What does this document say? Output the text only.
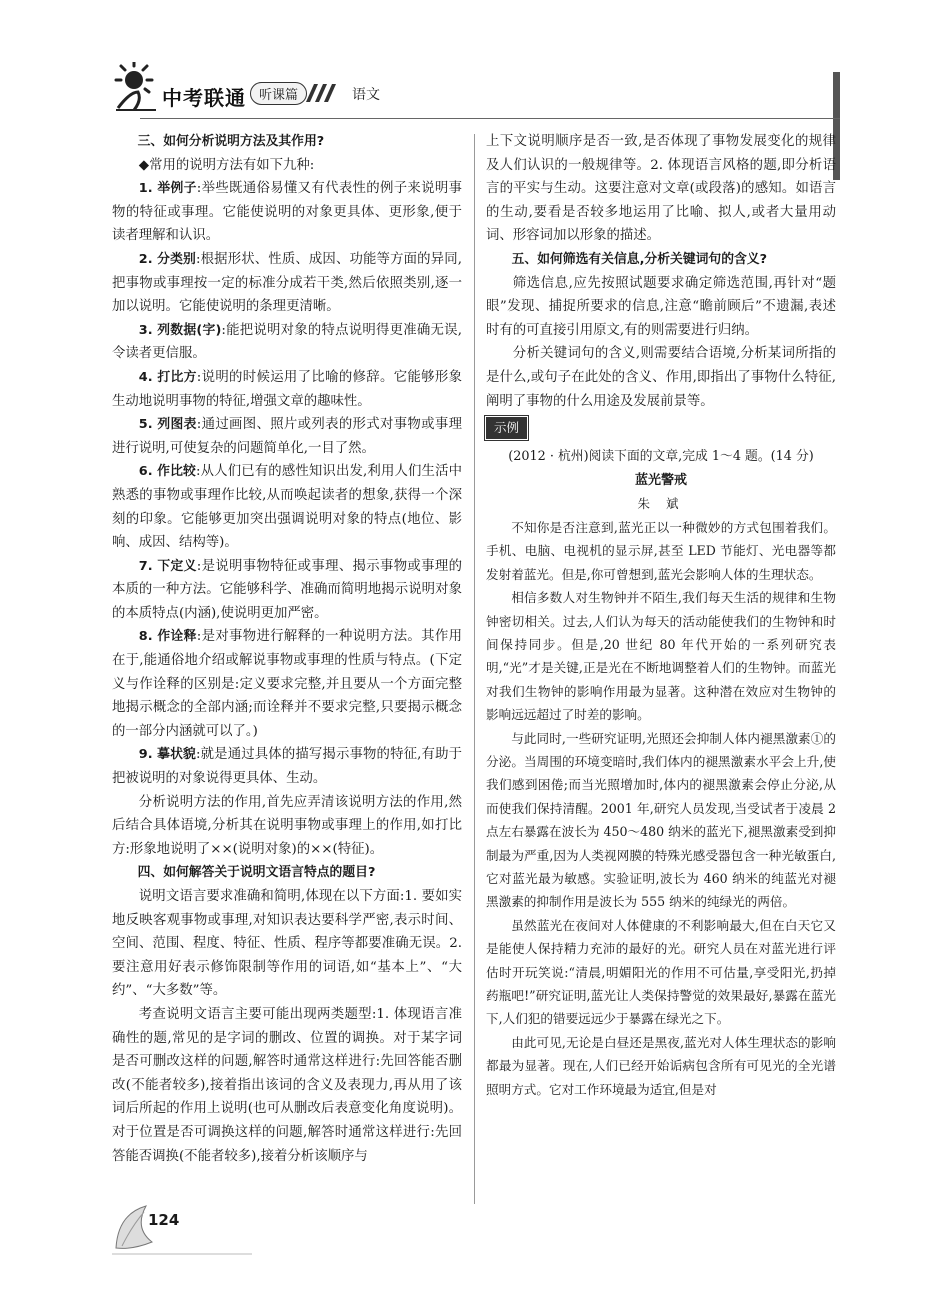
中考联通	听课篇	语文

三、如何分析说明方法及其作用?

◆常用的说明方法有如下九种:

1. 举例子:举些既通俗易懂又有代表性的例子来说明事物的特征或事理。它能使说明的对象更具体、更形象,便于读者理解和认识。

2. 分类别:根据形状、性质、成因、功能等方面的异同,把事物或事理按一定的标准分成若干类,然后依照类别,逐一加以说明。它能使说明的条理更清晰。

3. 列数据(字):能把说明对象的特点说明得更准确无误,令读者更信服。

4. 打比方:说明的时候运用了比喻的修辞。它能够形象生动地说明事物的特征,增强文章的趣味性。

5. 列图表:通过画图、照片或列表的形式对事物或事理进行说明,可使复杂的问题简单化,一目了然。

6. 作比较:从人们已有的感性知识出发,利用人们生活中熟悉的事物或事理作比较,从而唤起读者的想象,获得一个深刻的印象。它能够更加突出强调说明对象的特点(地位、影响、成因、结构等)。

7. 下定义:是说明事物特征或事理、揭示事物或事理的本质的一种方法。它能够科学、准确而简明地揭示说明对象的本质特点(内涵),使说明更加严密。

8. 作诠释:是对事物进行解释的一种说明方法。其作用在于,能通俗地介绍或解说事物或事理的性质与特点。(下定义与作诠释的区别是:定义要求完整,并且要从一个方面完整地揭示概念的全部内涵;而诠释并不要求完整,只要揭示概念的一部分内涵就可以了。)

9. 摹状貌:就是通过具体的描写揭示事物的特征,有助于把被说明的对象说得更具体、生动。

分析说明方法的作用,首先应弄清该说明方法的作用,然后结合具体语境,分析其在说明事物或事理上的作用,如打比方:形象地说明了××(说明对象)的××(特征)。

四、如何解答关于说明文语言特点的题目?

说明文语言要求准确和简明,体现在以下方面:1. 要如实地反映客观事物或事理,对知识表达要科学严密,表示时间、空间、范围、程度、特征、性质、程序等都要准确无误。2. 要注意用好表示修饰限制等作用的词语,如“基本上”、“大约”、“大多数”等。

考查说明文语言主要可能出现两类题型:1. 体现语言准确性的题,常见的是字词的删改、位置的调换。对于某字词是否可删改这样的问题,解答时通常这样进行:先回答能否删改(不能者较多),接着指出该词的含义及表现力,再从用了该词后所起的作用上说明(也可从删改后表意变化角度说明)。对于位置是否可调换这样的问题,解答时通常这样进行:先回答能否调换(不能者较多),接着分析该顺序与

上下文说明顺序是否一致,是否体现了事物发展变化的规律及人们认识的一般规律等。2. 体现语言风格的题,即分析语言的平实与生动。这要注意对文章(或段落)的感知。如语言的生动,要看是否较多地运用了比喻、拟人,或者大量用动词、形容词加以形象的描述。

五、如何筛选有关信息,分析关键词句的含义?

筛选信息,应先按照试题要求确定筛选范围,再针对“题眼”发现、捕捉所要求的信息,注意“瞻前顾后”不遗漏,表述时有的可直接引用原文,有的则需要进行归纳。

分析关键词句的含义,则需要结合语境,分析某词所指的是什么,或句子在此处的含义、作用,即指出了事物什么特征,阐明了事物的什么用途及发展前景等。

示例

(2012 · 杭州)阅读下面的文章,完成 1～4 题。(14 分)

蓝光警戒

朱 斌

不知你是否注意到,蓝光正以一种微妙的方式包围着我们。手机、电脑、电视机的显示屏,甚至 LED 节能灯、光电器等都发射着蓝光。但是,你可曾想到,蓝光会影响人体的生理状态。

相信多数人对生物钟并不陌生,我们每天生活的规律和生物钟密切相关。过去,人们认为每天的活动能使我们的生物钟和时间保持同步。但是,20 世纪 80 年代开始的一系列研究表明,“光”才是关键,正是光在不断地调整着人们的生物钟。而蓝光对我们生物钟的影响作用最为显著。这种潜在效应对生物钟的影响远远超过了时差的影响。

与此同时,一些研究证明,光照还会抑制人体内褪黑激素①的分泌。当周围的环境变暗时,我们体内的褪黑激素水平会上升,使我们感到困倦;而当光照增加时,体内的褪黑激素会停止分泌,从而使我们保持清醒。2001 年,研究人员发现,当受试者于凌晨 2 点左右暴露在波长为 450～480 纳米的蓝光下,褪黑激素受到抑制最为严重,因为人类视网膜的特殊光感受器包含一种光敏蛋白,它对蓝光最为敏感。实验证明,波长为 460 纳米的纯蓝光对褪黑激素的抑制作用是波长为 555 纳米的纯绿光的两倍。

虽然蓝光在夜间对人体健康的不利影响最大,但在白天它又是能使人保持精力充沛的最好的光。研究人员在对蓝光进行评估时开玩笑说:“清晨,明媚阳光的作用不可估量,享受阳光,扔掉药瓶吧!”研究证明,蓝光让人类保持警觉的效果最好,暴露在蓝光下,人们犯的错要远远少于暴露在绿光之下。

由此可见,无论是白昼还是黑夜,蓝光对人体生理状态的影响都最为显著。现在,人们已经开始诟病包含所有可见光的全光谱照明方式。它对工作环境最为适宜,但是对

124
